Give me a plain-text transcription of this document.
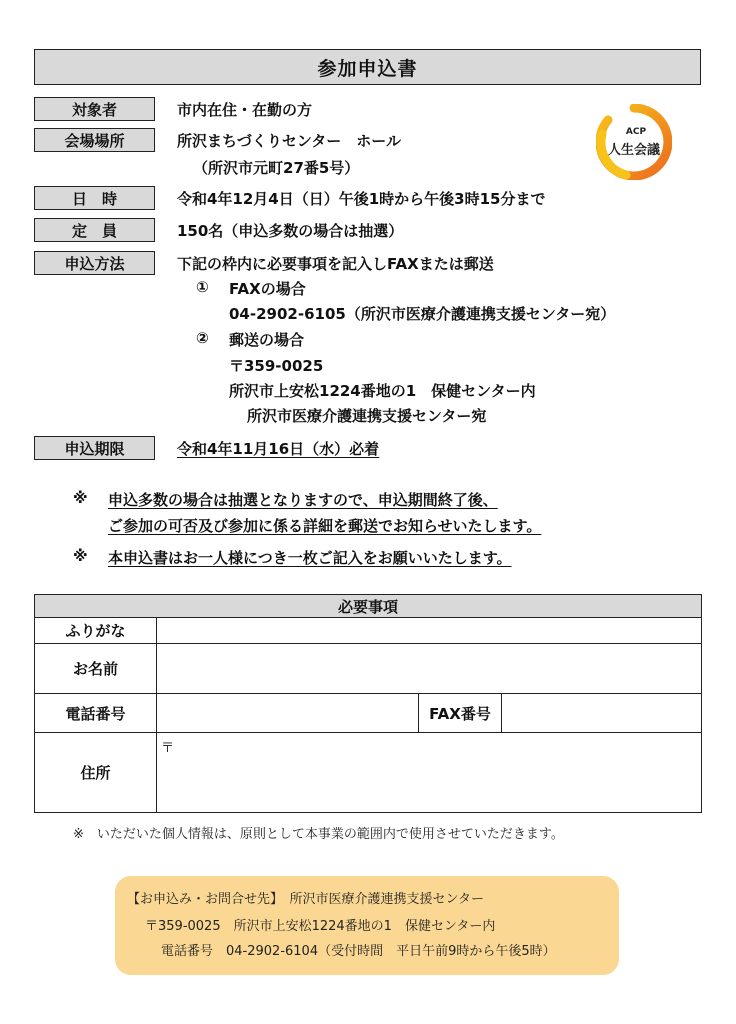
参加申込書
ACP
人生会議
対象者	市内在住・在勤の方
会場場所	所沢まちづくりセンター　ホール
（所沢市元町27番5号）
日　時	令和4年12月4日（日）午後1時から午後3時15分まで
定　員	150名（申込多数の場合は抽選）
申込方法	下記の枠内に必要事項を記入しFAXまたは郵送
① FAXの場合
04-2902-6105（所沢市医療介護連携支援センター宛）
② 郵送の場合
〒359-0025
所沢市上安松1224番地の1　保健センター内
所沢市医療介護連携支援センター宛
申込期限	令和4年11月16日（水）必着
※ 申込多数の場合は抽選となりますので、申込期間終了後、
ご参加の可否及び参加に係る詳細を郵送でお知らせいたします。
※ 本申込書はお一人様につき一枚ご記入をお願いいたします。
必要事項			
ふりがな			
お名前			
電話番号		FAX番号	
住所	〒		
※　いただいた個人情報は、原則として本事業の範囲内で使用させていただきます。
【お申込み・お問合せ先】　所沢市医療介護連携支援センター
〒359-0025　所沢市上安松1224番地の1　保健センター内
電話番号　04-2902-6104（受付時間　平日午前9時から午後5時）
